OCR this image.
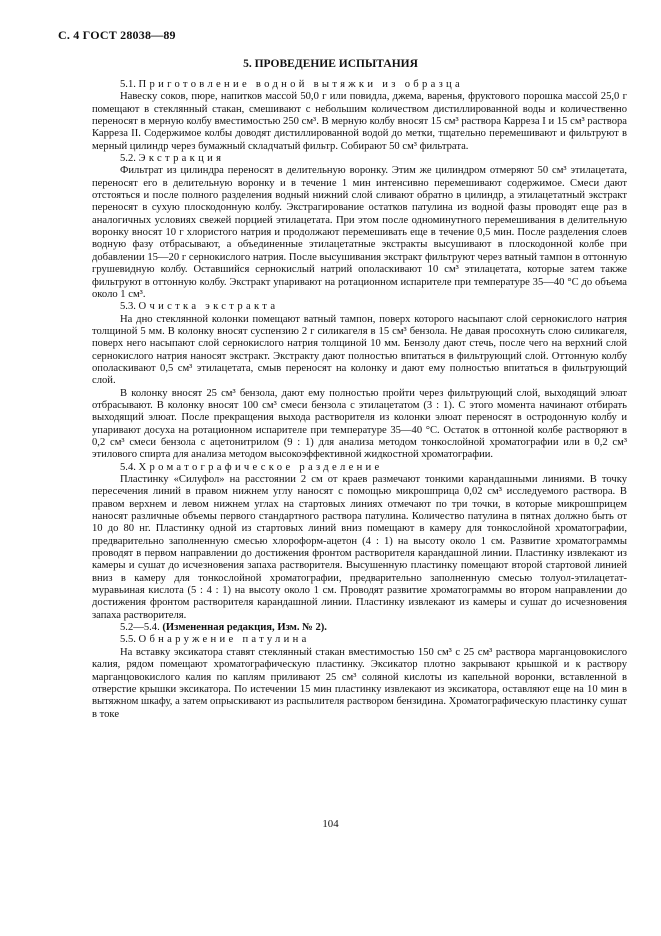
С. 4 ГОСТ 28038—89
5. ПРОВЕДЕНИЕ ИСПЫТАНИЯ

5.1. Приготовление водной вытяжки из образца

Навеску соков, пюре, напитков массой 50,0 г или повидла, джема, варенья, фруктового порошка массой 25,0 г помещают в стеклянный стакан, смешивают с небольшим количеством дистиллированной воды и количественно переносят в мерную колбу вместимостью 250 см³. В мерную колбу вносят 15 см³ раствора Карреза I и 15 см³ раствора Карреза II. Содержимое колбы доводят дистиллированной водой до метки, тщательно перемешивают и фильтруют в мерный цилиндр через бумажный складчатый фильтр. Собирают 50 см³ фильтрата.

5.2. Экстракция

Фильтрат из цилиндра переносят в делительную воронку. Этим же цилиндром отмеряют 50 см³ этилацетата, переносят его в делительную воронку и в течение 1 мин интенсивно перемешивают содержимое. Смеси дают отстояться и после полного разделения водный нижний слой сливают обратно в цилиндр, а этилацетатный экстракт переносят в сухую плоскодонную колбу. Экстрагирование остатков патулина из водной фазы проводят еще раз в аналогичных условиях свежей порцией этилацетата. При этом после одноминутного перемешивания в делительную воронку вносят 10 г хлористого натрия и продолжают перемешивать еще в течение 0,5 мин. После разделения слоев водную фазу отбрасывают, а объединенные этилацетатные экстракты высушивают в плоскодонной колбе при добавлении 15—20 г сернокислого натрия. После высушивания экстракт фильтруют через ватный тампон в оттонную грушевидную колбу. Оставшийся сернокислый натрий ополаскивают 10 см³ этилацетата, которые затем также фильтруют в оттонную колбу. Экстракт упаривают на ротационном испарителе при температуре 35—40 °С до объема около 1 см³.

5.3. Очистка экстракта

На дно стеклянной колонки помещают ватный тампон, поверх которого насыпают слой сернокислого натрия толщиной 5 мм. В колонку вносят суспензию 2 г силикагеля в 15 см³ бензола. Не давая просохнуть слою силикагеля, поверх него насыпают слой сернокислого натрия толщиной 10 мм. Бензолу дают стечь, после чего на верхний слой сернокислого натрия наносят экстракт. Экстракту дают полностью впитаться в фильтрующий слой. Оттонную колбу ополаскивают 0,5 см³ этилацетата, смыв переносят на колонку и дают ему полностью впитаться в фильтрующий слой.

В колонку вносят 25 см³ бензола, дают ему полностью пройти через фильтрующий слой, выходящий элюат отбрасывают. В колонку вносят 100 см³ смеси бензола с этилацетатом (3 : 1). С этого момента начинают отбирать выходящий элюат. После прекращения выхода растворителя из колонки элюат переносят в остродонную колбу и упаривают досуха на ротационном испарителе при температуре 35—40 °С. Остаток в оттонной колбе растворяют в 0,2 см³ смеси бензола с ацетонитрилом (9 : 1) для анализа методом тонкослойной хроматографии или в 0,2 см³ этилового спирта для анализа методом высокоэффективной жидкостной хроматографии.

5.4. Хроматографическое разделение

Пластинку «Силуфол» на расстоянии 2 см от краев размечают тонкими карандашными линиями. В точку пересечения линий в правом нижнем углу наносят с помощью микрошприца 0,02 см³ исследуемого раствора. В правом верхнем и левом нижнем углах на стартовых линиях отмечают по три точки, в которые микрошприцем наносят различные объемы первого стандартного раствора патулина. Количество патулина в пятнах должно быть от 10 до 80 нг. Пластинку одной из стартовых линий вниз помещают в камеру для тонкослойной хроматографии, предварительно заполненную смесью хлороформ-ацетон (4 : 1) на высоту около 1 см. Развитие хроматограммы проводят в первом направлении до достижения фронтом растворителя карандашной линии. Пластинку извлекают из камеры и сушат до исчезновения запаха растворителя. Высушенную пластинку помещают второй стартовой линией вниз в камеру для тонкослойной хроматографии, предварительно заполненную смесью толуол-этилацетат-муравьиная кислота (5 : 4 : 1) на высоту около 1 см. Проводят развитие хроматограммы во втором направлении до достижения фронтом растворителя карандашной линии. Пластинку извлекают из камеры и сушат до исчезновения запаха растворителя.

5.2—5.4. (Измененная редакция, Изм. № 2).

5.5. Обнаружение патулина

На вставку эксикатора ставят стеклянный стакан вместимостью 150 см³ с 25 см³ раствора марганцовокислого калия, рядом помещают хроматографическую пластинку. Эксикатор плотно закрывают крышкой и к раствору марганцовокислого калия по каплям приливают 25 см³ соляной кислоты из капельной воронки, вставленной в отверстие крышки эксикатора. По истечении 15 мин пластинку извлекают из эксикатора, оставляют еще на 10 мин в вытяжном шкафу, а затем опрыскивают из распылителя раствором бензидина. Хроматографическую пластинку сушат в токе

104
